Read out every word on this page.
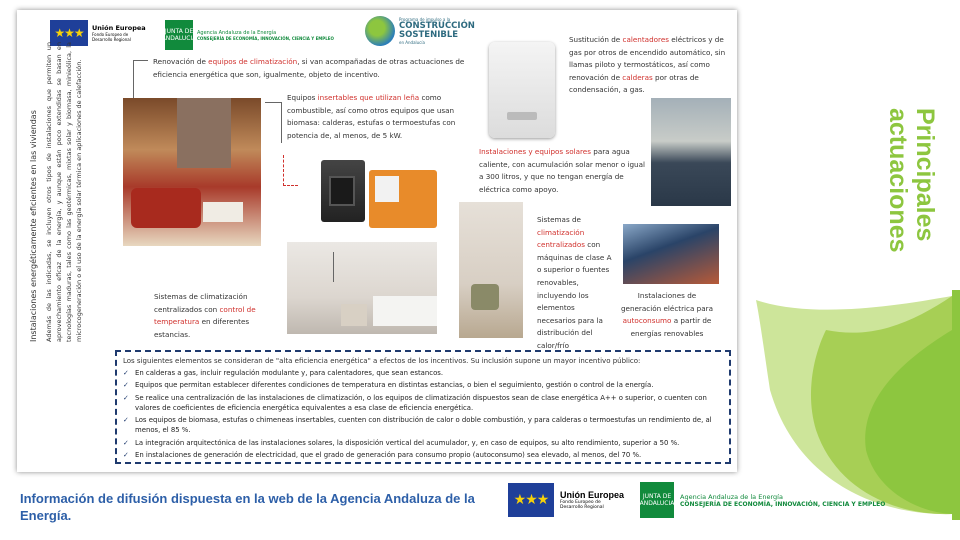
★★★	Unión Europea
Fondo Europeo de Desarrollo Regional
JUNTA DE ANDALUCIA
Agencia Andaluza de la Energía
CONSEJERÍA DE ECONOMÍA, INNOVACIÓN, CIENCIA Y EMPLEO
Programa de impulso a la
CONSTRUCCIÓN
SOSTENIBLE
en Andalucía
Instalaciones energéticamente eficientes en las viviendas Además de las indicadas, se incluyen otros tipos de instalaciones que permiten un aprovechamiento eficaz de la energía, y aunque están poco extendidas se basan en tecnologías maduras, tales como las geotérmicas, mixtas solar y biomasa, minieólica, la microcogeneración o el uso de la energía solar térmica en aplicaciones de calefacción.	Renovación de equipos de climatización, si van acompañadas de otras actuaciones de eficiencia energética que son, igualmente, objeto de incentivo.
Equipos insertables que utilizan leña como combustible, así como otros equipos que usan biomasa: calderas, estufas o termoestufas con potencia de, al menos, de 5 kW.
Sustitución de calentadores eléctricos y de gas por otros de encendido automático, sin llamas piloto y termostáticos, así como renovación de calderas por otras de condensación, a gas.
Instalaciones y equipos solares para agua caliente, con acumulación solar menor o igual a 300 litros, y que no tengan energía de eléctrica como apoyo.
Sistemas de climatización centralizados con control de temperatura en diferentes estancias.
Sistemas de climatización centralizados con máquinas de clase A o superior o fuentes renovables, incluyendo los elementos necesarios para la distribución del calor/frío
Instalaciones de generación eléctrica para autoconsumo a partir de energías renovables
Los siguientes elementos se consideran de "alta eficiencia energética" a efectos de los incentivos. Su inclusión supone un mayor incentivo público:
✓ En calderas a gas, incluir regulación modulante y, para calentadores, que sean estancos.
✓ Equipos que permitan establecer diferentes condiciones de temperatura en distintas estancias, o bien el seguimiento, gestión o control de la energía.
✓ Se realice una centralización de las instalaciones de climatización, o los equipos de climatización dispuestos sean de clase energética A++ o superior, o cuenten con valores de coeficientes de eficiencia energética equivalentes a esa clase de eficiencia energética.
✓ Los equipos de biomasa, estufas o chimeneas insertables, cuenten con distribución de calor o doble combustión, y para calderas o termoestufas un rendimiento de, al menos, el 85 %.
✓ La integración arquitectónica de las instalaciones solares, la disposición vertical del acumulador, y, en caso de equipos, su alto rendimiento, superior a 50 %.
✓ En instalaciones de generación de electricidad, que el grado de generación para consumo propio (autoconsumo) sea elevado, al menos, del 70 %.
Principales
actuaciones
Información de difusión dispuesta en la web de la Agencia Andaluza de la Energía.
★★★	Unión Europea
Fondo Europeo de Desarrollo Regional
JUNTA DE ANDALUCIA
Agencia Andaluza de la Energía
CONSEJERÍA DE ECONOMÍA, INNOVACIÓN, CIENCIA Y EMPLEO
